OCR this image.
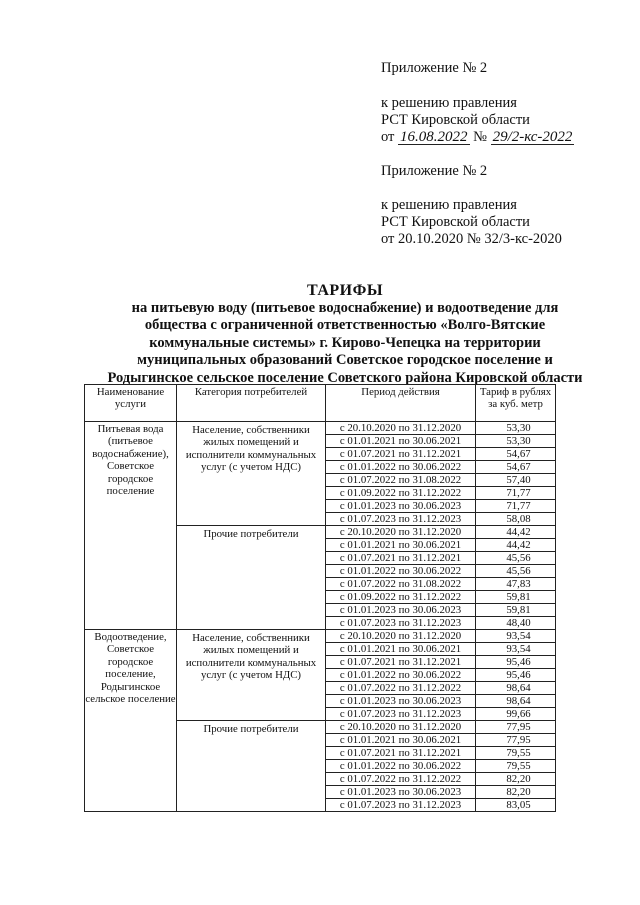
Приложение № 2
к решению правления
РСТ Кировской области
от 16.08.2022 № 29/2-кс-2022
Приложение № 2
к решению правления
РСТ Кировской области
от 20.10.2020 № 32/3-кс-2020
ТАРИФЫ
на питьевую воду (питьевое водоснабжение) и водоотведение для
общества с ограниченной ответственностью «Волго-Вятские
коммунальные системы» г. Кирово-Чепецка на территории
муниципальных образований Советское городское поселение и
Родыгинское сельское поселение Советского района Кировской области
Наименование услуги	Категория потребителей	Период действия	Тариф в рублях за куб. метр
Питьевая вода (питьевое водоснабжение), Советское городское поселение	Население, собственники жилых помещений и исполнители коммунальных услуг (с учетом НДС)	с 20.10.2020 по 31.12.2020	53,30
		с 01.01.2021 по 30.06.2021	53,30
		с 01.07.2021 по 31.12.2021	54,67
		с 01.01.2022 по 30.06.2022	54,67
		с 01.07.2022 по 31.08.2022	57,40
		с 01.09.2022 по 31.12.2022	71,77
		с 01.01.2023 по 30.06.2023	71,77
		с 01.07.2023 по 31.12.2023	58,08
	Прочие потребители	с 20.10.2020 по 31.12.2020	44,42
		с 01.01.2021 по 30.06.2021	44,42
		с 01.07.2021 по 31.12.2021	45,56
		с 01.01.2022 по 30.06.2022	45,56
		с 01.07.2022 по 31.08.2022	47,83
		с 01.09.2022 по 31.12.2022	59,81
		с 01.01.2023 по 30.06.2023	59,81
		с 01.07.2023 по 31.12.2023	48,40
Водоотведение, Советское городское поселение, Родыгинское сельское поселение	Население, собственники жилых помещений и исполнители коммунальных услуг (с учетом НДС)	с 20.10.2020 по 31.12.2020	93,54
		с 01.01.2021 по 30.06.2021	93,54
		с 01.07.2021 по 31.12.2021	95,46
		с 01.01.2022 по 30.06.2022	95,46
		с 01.07.2022 по 31.12.2022	98,64
		с 01.01.2023 по 30.06.2023	98,64
		с 01.07.2023 по 31.12.2023	99,66
	Прочие потребители	с 20.10.2020 по 31.12.2020	77,95
		с 01.01.2021 по 30.06.2021	77,95
		с 01.07.2021 по 31.12.2021	79,55
		с 01.01.2022 по 30.06.2022	79,55
		с 01.07.2022 по 31.12.2022	82,20
		с 01.01.2023 по 30.06.2023	82,20
		с 01.07.2023 по 31.12.2023	83,05
